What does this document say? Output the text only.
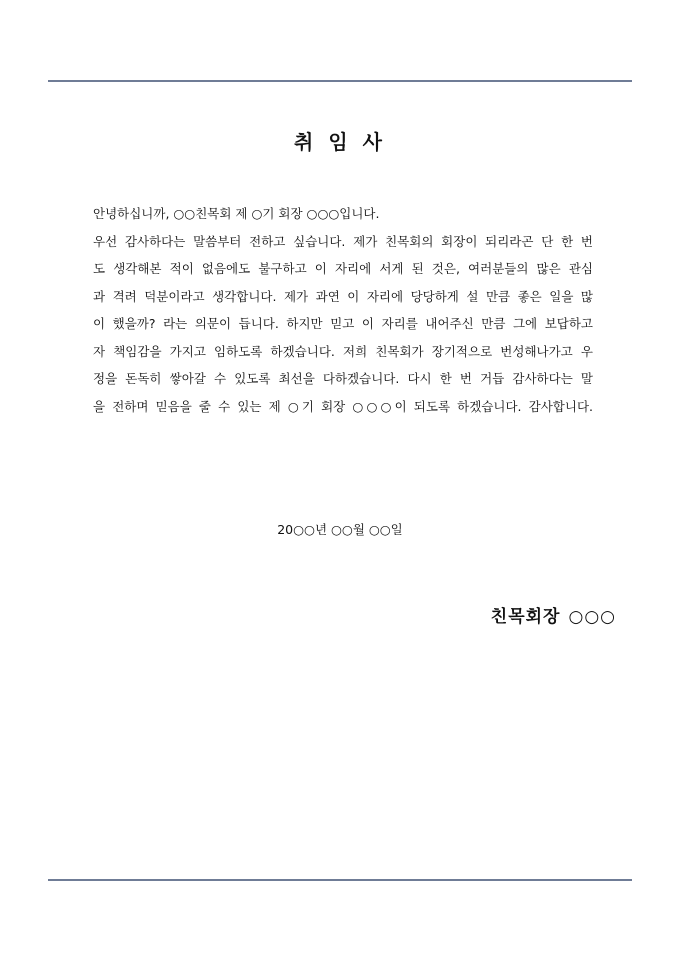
취 임 사
안녕하십니까, ○○친목회 제 ○기 회장 ○○○입니다.
우선 감사하다는 말씀부터 전하고 싶습니다. 제가 친목회의 회장이 되리라곤 단 한 번
도 생각해본 적이 없음에도 불구하고 이 자리에 서게 된 것은, 여러분들의 많은 관심
과 격려 덕분이라고 생각합니다. 제가 과연 이 자리에 당당하게 설 만큼 좋은 일을 많
이 했을까? 라는 의문이 듭니다. 하지만 믿고 이 자리를 내어주신 만큼 그에 보답하고
자 책임감을 가지고 임하도록 하겠습니다. 저희 친목회가 장기적으로 번성해나가고 우
정을 돈독히 쌓아갈 수 있도록 최선을 다하겠습니다. 다시 한 번 거듭 감사하다는 말
을 전하며 믿음을 줄 수 있는 제 ○기 회장 ○○○이 되도록 하겠습니다. 감사합니다.
20○○년 ○○월 ○○일
친목회장 ○○○
